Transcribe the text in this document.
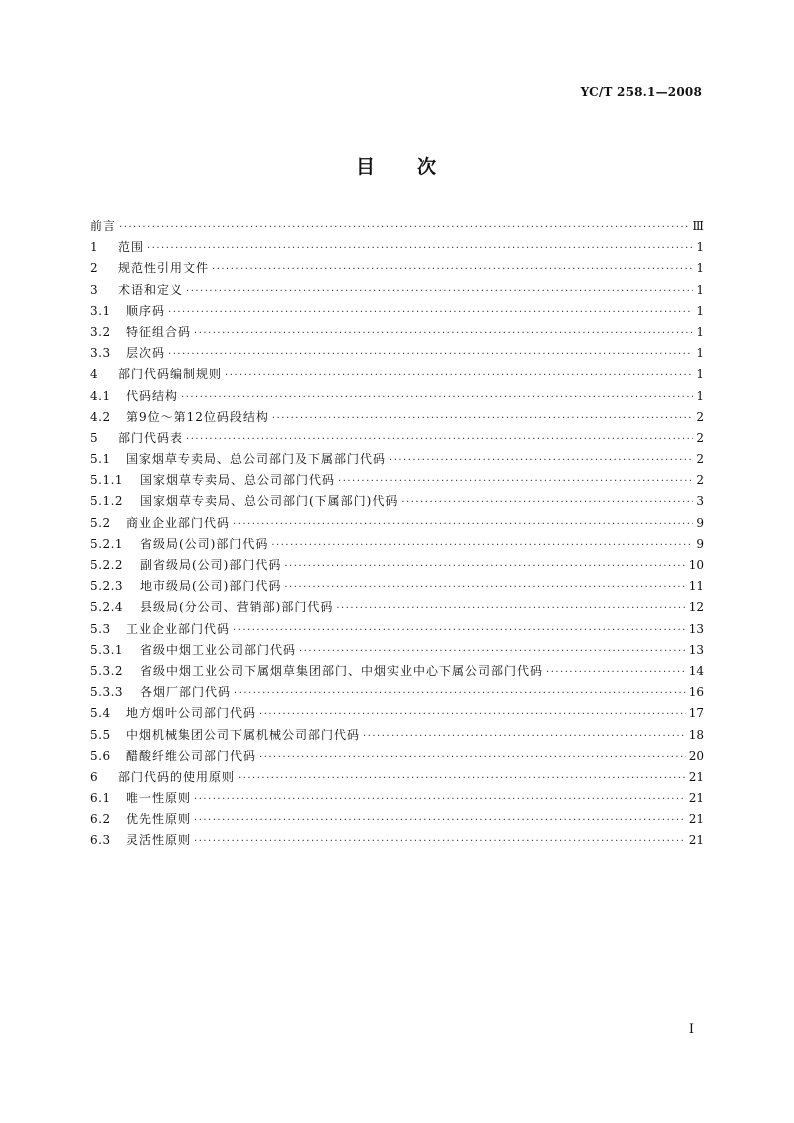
YC/T 258.1—2008
目 次
前言 ·····	Ⅲ
1	范围 ·····	1
2	规范性引用文件 ·····	1
3	术语和定义 ·····	1
3.1	顺序码 ·····	1
3.2	特征组合码 ·····	1
3.3	层次码 ·····	1
4	部门代码编制规则 ·····	1
4.1	代码结构 ·····	1
4.2	第9位～第12位码段结构 ·····	2
5	部门代码表 ·····	2
5.1	国家烟草专卖局、总公司部门及下属部门代码 ·····	2
5.1.1	国家烟草专卖局、总公司部门代码 ·····	2
5.1.2	国家烟草专卖局、总公司部门(下属部门)代码 ·····	3
5.2	商业企业部门代码 ·····	9
5.2.1	省级局(公司)部门代码 ·····	9
5.2.2	副省级局(公司)部门代码 ·····	10
5.2.3	地市级局(公司)部门代码 ·····	11
5.2.4	县级局(分公司、营销部)部门代码 ·····	12
5.3	工业企业部门代码 ·····	13
5.3.1	省级中烟工业公司部门代码 ·····	13
5.3.2	省级中烟工业公司下属烟草集团部门、中烟实业中心下属公司部门代码 ·····	14
5.3.3	各烟厂部门代码 ·····	16
5.4	地方烟叶公司部门代码 ·····	17
5.5	中烟机械集团公司下属机械公司部门代码 ·····	18
5.6	醋酸纤维公司部门代码 ·····	20
6	部门代码的使用原则 ·····	21
6.1	唯一性原则 ·····	21
6.2	优先性原则 ·····	21
6.3	灵活性原则 ·····	21
I
